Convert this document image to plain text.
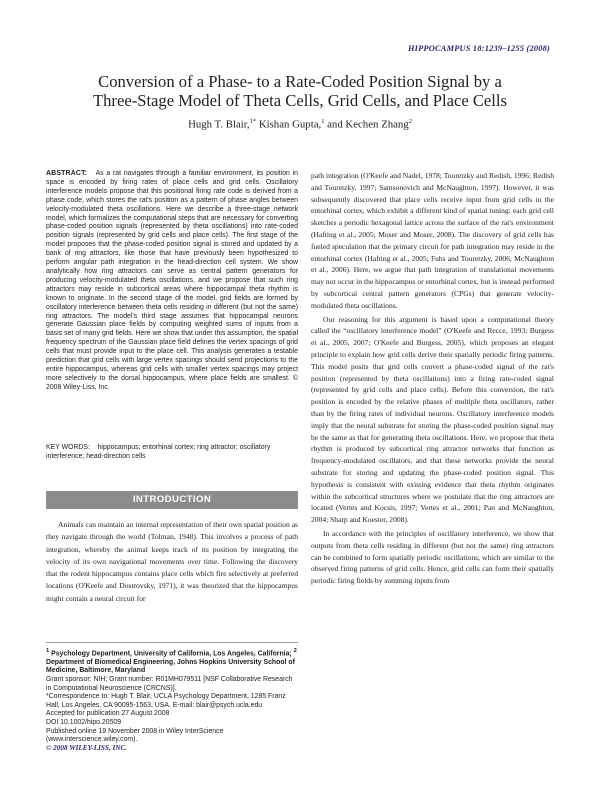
HIPPOCAMPUS 18:1239–1255 (2008)
Conversion of a Phase- to a Rate-Coded Position Signal by a
Three-Stage Model of Theta Cells, Grid Cells, and Place Cells
Hugh T. Blair,$^{1*}$ Kishan Gupta,$^1$ and Kechen Zhang$^2$
ABSTRACT: As a rat navigates through a familiar environment, its position in space is encoded by firing rates of place cells and grid cells. Oscillatory interference models propose that this positional firing rate code is derived from a phase code, which stores the rat's position as a pattern of phase angles between velocity-modulated theta oscillations. Here we describe a three-stage network model, which formalizes the computational steps that are necessary for converting phase-coded position signals (represented by theta oscillations) into rate-coded position signals (represented by grid cells and place cells). The first stage of the model proposes that the phase-coded position signal is stored and updated by a bank of ring attractors, like those that have previously been hypothesized to perform angular path integration in the head-direction cell system. We show analytically how ring attractors can serve as central pattern generators for producing velocity-modulated theta oscillations, and we propose that such ring attractors may reside in subcortical areas where hippocampal theta rhythm is known to originate. In the second stage of the model, grid fields are formed by oscillatory interference between theta cells residing in different (but not the same) ring attractors. The model's third stage assumes that hippocampal neurons generate Gaussian place fields by computing weighted sums of inputs from a basis set of many grid fields. Here we show that under this assumption, the spatial frequency spectrum of the Gaussian place field defines the vertex spacings of grid cells that must provide input to the place cell. This analysis generates a testable prediction that grid cells with large vertex spacings should send projections to the entire hippocampus, whereas grid cells with smaller vertex spacings may project more selectively to the dorsal hippocampus, where place fields are smallest. © 2008 Wiley-Liss, Inc.
KEY WORDS: hippocampus; entorhinal cortex; ring attractor; oscillatory interference; head-direction cells
INTRODUCTION
Animals can maintain an internal representation of their own spatial position as they navigate through the world (Tolman, 1948). This involves a process of path integration, whereby the animal keeps track of its position by integrating the velocity of its own navigational movements over time. Following the discovery that the rodent hippocampus contains place cells which fire selectively at preferred locations (O'Keefe and Dostrovsky, 1971), it was theorized that the hippocampus might contain a neural circuit for

$^1$ Psychology Department, University of California, Los Angeles, California; $^2$ Department of Biomedical Engineering, Johns Hopkins University School of Medicine, Baltimore, Maryland

Grant sponsor: NIH; Grant number: R01MH079511 [NSF Collaborative Research in Computational Neuroscience (CRCNS)].

*Correspondence to: Hugh T. Blair, UCLA Psychology Department, 1285 Franz Hall, Los Angeles, CA 90095-1563, USA. E-mail: blair@psych.ucla.edu

Accepted for publication 27 August 2008

DOI 10.1002/hipo.20509

Published online 19 November 2008 in Wiley InterScience (www.interscience.wiley.com).

© 2008 WILEY-LISS, INC.

path integration (O'Keefe and Nadel, 1978; Touretzky and Redish, 1996; Redish and Touretzky, 1997; Samsonovich and McNaughton, 1997). However, it was subsequently discovered that place cells receive input from grid cells in the entorhinal cortex, which exhibit a different kind of spatial tuning: each grid cell sketches a periodic hexagonal lattice across the surface of the rat's environment (Hafting et al., 2005; Moser and Moser, 2008). The discovery of grid cells has fueled speculation that the primary circuit for path integration may reside in the entorhinal cortex (Hafting et al., 2005; Fuhs and Touretzky, 2006; McNaughton et al., 2006). Here, we argue that path integration of translational movements may not occur in the hippocampus or entorhinal cortex, but is instead performed by subcortical central pattern generators (CPGs) that generate velocity-modulated theta oscillations.

Our reasoning for this argument is based upon a computational theory called the “oscillatory interference model” (O'Keefe and Recce, 1993; Burgess et al., 2005, 2007; O'Keefe and Burgess, 2005), which proposes an elegant principle to explain how grid cells derive their spatially periodic firing patterns. This model posits that grid cells convert a phase-coded signal of the rat's position (represented by theta oscillations) into a firing rate-coded signal (represented by grid cells and place cells). Before this conversion, the rat's position is encoded by the relative phases of multiple theta oscillators, rather than by the firing rates of individual neurons. Oscillatory interference models imply that the neural substrate for storing the phase-coded position signal may be the same as that for generating theta oscillations. Here, we propose that theta rhythm is produced by subcortical ring attractor networks that function as frequency-modulated oscillators, and that these networks provide the neural substrate for storing and updating the phase-coded position signal. This hypothesis is consistent with existing evidence that theta rhythm originates within the subcortical structures where we postulate that the ring attractors are located (Vertes and Kocsis, 1997; Vertes et al., 2001; Pan and McNaughton, 2004; Sharp and Koester, 2008).

In accordance with the principles of oscillatory interference, we show that outputs from theta cells residing in different (but not the same) ring attractors can be combined to form spatially periodic oscillations, which are similar to the observed firing patterns of grid cells. Hence, grid cells can form their spatially periodic firing fields by summing inputs from
